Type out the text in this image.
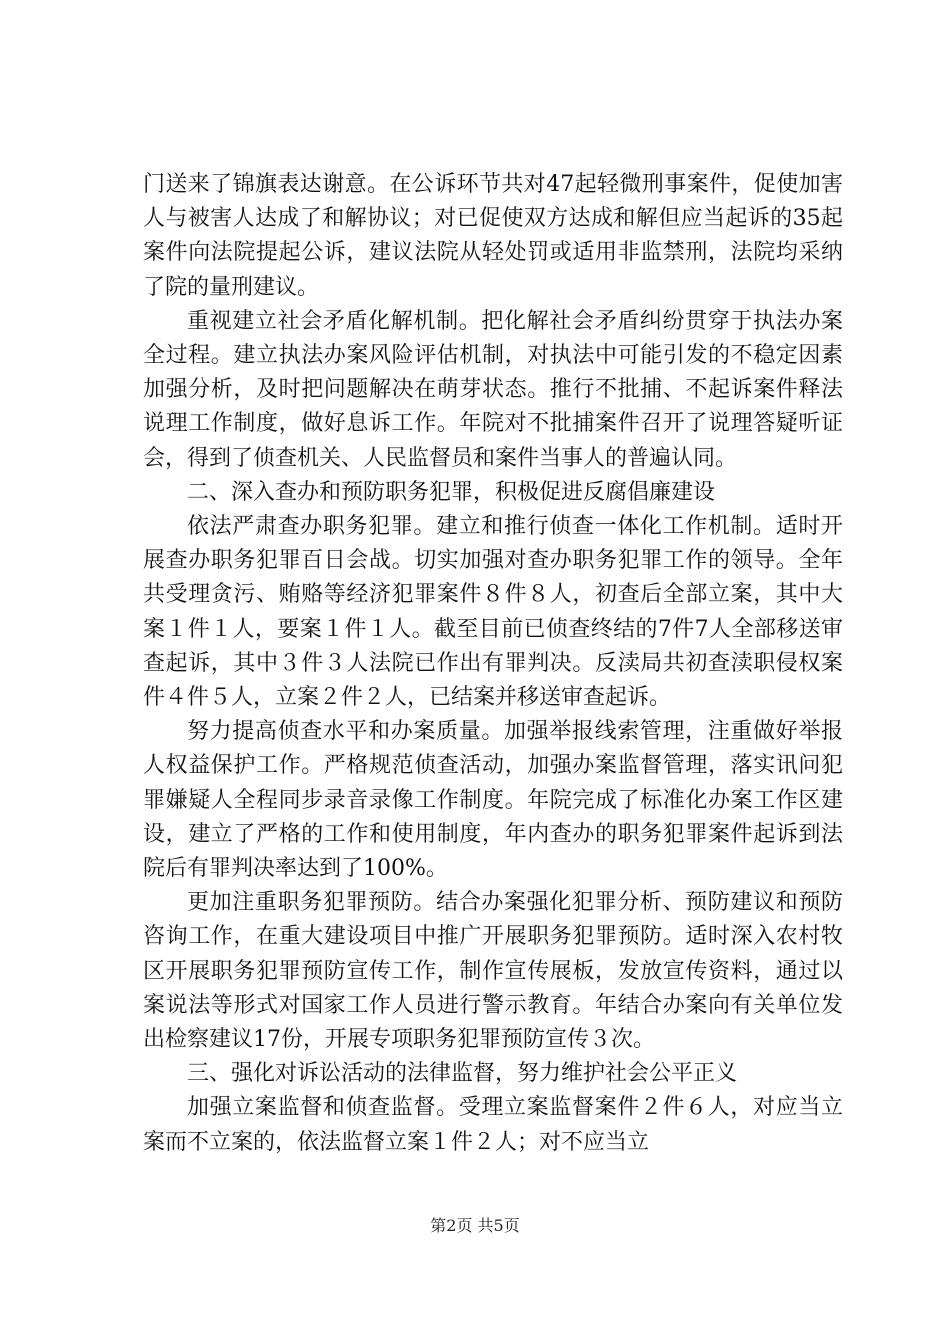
门送来了锦旗表达谢意。在公诉环节共对47起轻微刑事案件，促使加害人与被害人达成了和解协议；对已促使双方达成和解但应当起诉的35起案件向法院提起公诉，建议法院从轻处罚或适用非监禁刑，法院均采纳了院的量刑建议。

重视建立社会矛盾化解机制。把化解社会矛盾纠纷贯穿于执法办案全过程。建立执法办案风险评估机制，对执法中可能引发的不稳定因素加强分析，及时把问题解决在萌芽状态。推行不批捕、不起诉案件释法说理工作制度，做好息诉工作。年院对不批捕案件召开了说理答疑听证会，得到了侦查机关、人民监督员和案件当事人的普遍认同。

二、深入查办和预防职务犯罪，积极促进反腐倡廉建设

依法严肃查办职务犯罪。建立和推行侦查一体化工作机制。适时开展查办职务犯罪百日会战。切实加强对查办职务犯罪工作的领导。全年共受理贪污、贿赂等经济犯罪案件８件８人，初查后全部立案，其中大案１件１人，要案１件１人。截至目前已侦查终结的7件7人全部移送审查起诉，其中３件３人法院已作出有罪判决。反渎局共初查渎职侵权案件４件５人，立案２件２人，已结案并移送审查起诉。

努力提高侦查水平和办案质量。加强举报线索管理，注重做好举报人权益保护工作。严格规范侦查活动，加强办案监督管理，落实讯问犯罪嫌疑人全程同步录音录像工作制度。年院完成了标准化办案工作区建设，建立了严格的工作和使用制度，年内查办的职务犯罪案件起诉到法院后有罪判决率达到了100%。

更加注重职务犯罪预防。结合办案强化犯罪分析、预防建议和预防咨询工作，在重大建设项目中推广开展职务犯罪预防。适时深入农村牧区开展职务犯罪预防宣传工作，制作宣传展板，发放宣传资料，通过以案说法等形式对国家工作人员进行警示教育。年结合办案向有关单位发出检察建议17份，开展专项职务犯罪预防宣传３次。

三、强化对诉讼活动的法律监督，努力维护社会公平正义

加强立案监督和侦查监督。受理立案监督案件２件６人，对应当立案而不立案的，依法监督立案１件２人；对不应当立

第2页 共5页
